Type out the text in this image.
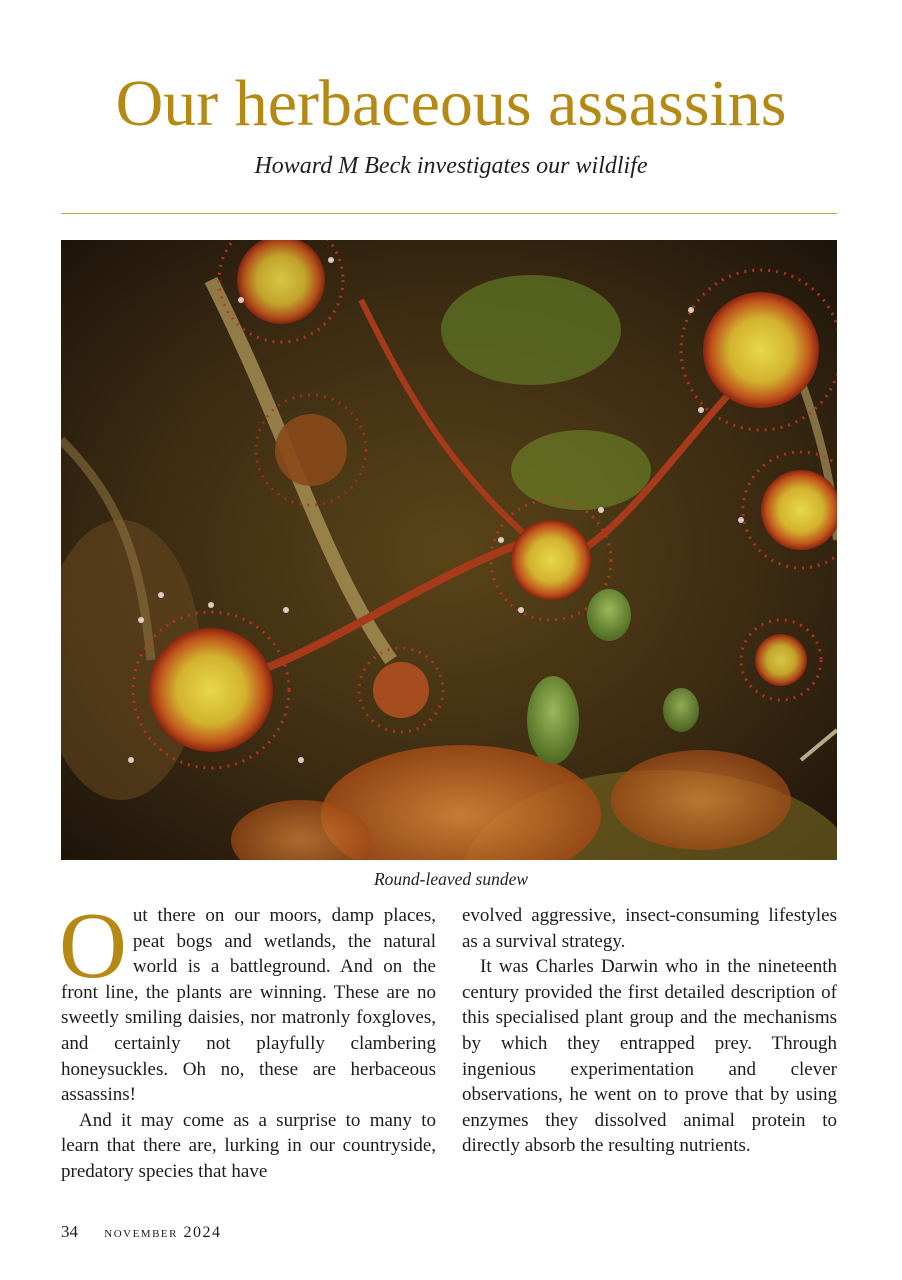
Our herbaceous assassins
Howard M Beck investigates our wildlife
Round-leaved sundew

Out there on our moors, damp places, peat bogs and wetlands, the natural world is a battleground. And on the front line, the plants are winning. These are no sweetly smiling daisies, nor matronly foxgloves, and certainly not playfully clambering honeysuckles. Oh no, these are herbaceous assassins!

And it may come as a surprise to many to learn that there are, lurking in our countryside, predatory species that have

evolved aggressive, insect-consuming lifestyles as a survival strategy.

It was Charles Darwin who in the nineteenth century provided the first detailed description of this specialised plant group and the mechanisms by which they entrapped prey. Through ingenious experimentation and clever observations, he went on to prove that by using enzymes they dissolved animal protein to directly absorb the resulting nutrients.

34 november 2024
